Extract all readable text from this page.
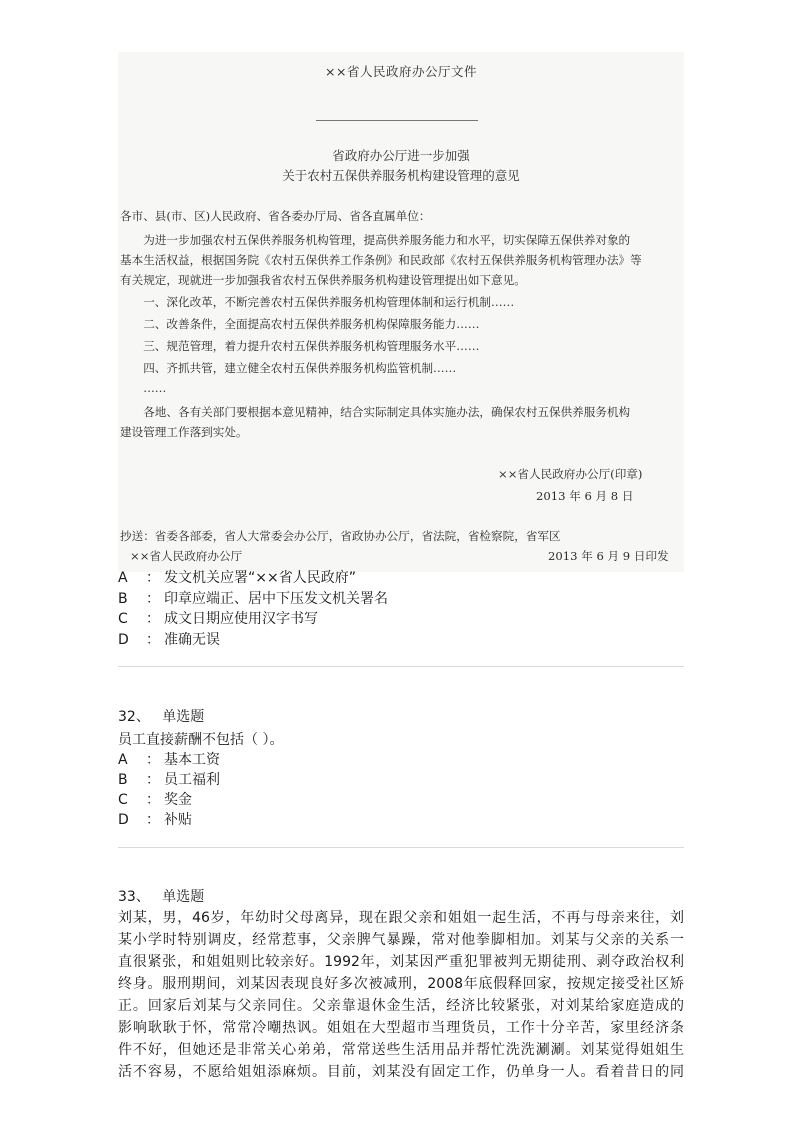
××省人民政府办公厅文件
省政府办公厅进一步加强
关于农村五保供养服务机构建设管理的意见
各市、县(市、区)人民政府、省各委办厅局、省各直属单位：
　　为进一步加强农村五保供养服务机构管理，提高供养服务能力和水平，切实保障五保供养对象的
基本生活权益，根据国务院《农村五保供养工作条例》和民政部《农村五保供养服务机构管理办法》等
有关规定，现就进一步加强我省农村五保供养服务机构建设管理提出如下意见。
　　一、深化改革，不断完善农村五保供养服务机构管理体制和运行机制……
　　二、改善条件，全面提高农村五保供养服务机构保障服务能力……
　　三、规范管理，着力提升农村五保供养服务机构管理服务水平……
　　四、齐抓共管，建立健全农村五保供养服务机构监管机制……
　　……
　　各地、各有关部门要根据本意见精神，结合实际制定具体实施办法，确保农村五保供养服务机构
建设管理工作落到实处。
××省人民政府办公厅(印章)
2013 年 6 月 8 日
抄送：省委各部委，省人大常委会办公厅，省政协办公厅，省法院，省检察院，省军区
××省人民政府办公厅	2013 年 6 月 9 日印发
A ： 发文机关应署“××省人民政府”
B ： 印章应端正、居中下压发文机关署名
C ： 成文日期应使用汉字书写
D ： 准确无误
32、 单选题
员工直接薪酬不包括（ ）。
A ： 基本工资
B ： 员工福利
C ： 奖金
D ： 补贴
33、 单选题
刘某，男，46岁，年幼时父母离异，现在跟父亲和姐姐一起生活，不再与母亲来往，刘
某小学时特别调皮，经常惹事，父亲脾气暴躁，常对他拳脚相加。刘某与父亲的关系一
直很紧张，和姐姐则比较亲好。1992年，刘某因严重犯罪被判无期徒刑、剥夺政治权利
终身。服刑期间，刘某因表现良好多次被减刑，2008年底假释回家，按规定接受社区矫
正。回家后刘某与父亲同住。父亲靠退休金生活，经济比较紧张，对刘某给家庭造成的
影响耿耿于怀，常常冷嘲热讽。姐姐在大型超市当理货员，工作十分辛苦，家里经济条
件不好，但她还是非常关心弟弟，常常送些生活用品并帮忙洗洗涮涮。刘某觉得姐姐生
活不容易，不愿给姐姐添麻烦。目前，刘某没有固定工作，仍单身一人。看着昔日的同
